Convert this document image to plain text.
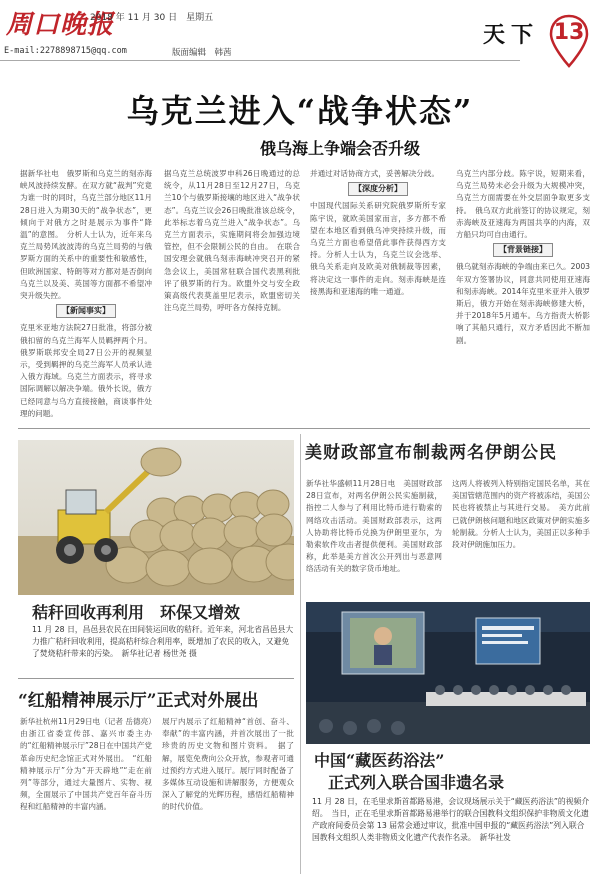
周口晚报
2018 年 11 月 30 日　星期五
E-mail:2278898715@qq.com	版面编辑　韩茜
天下 13
乌克兰进入“战争状态”
俄乌海上争端会否升级
据新华社电　俄罗斯和乌克兰的刻赤海峡风波持续发酵。在双方就“裁判”究竟为谁一时的同时，乌克兰部分地区11月28日进入为期30天的“战争状态”，更倾向于对俄方之时是展示为事件“降温”的意图。　分析人士认为，近年来乌克兰局势风波波涛的乌克兰局势的与俄罗斯方面的关系中的重要性和敏感性，但欧洲国家、特朗等对方都对是否倒向乌克兰以及美、英国等方面都不希望冲突升级失控。
【新闻事实】
克里米亚地方法院27日批准，将部分被俄扣留的乌克兰海军人员羁押两个月。俄罗斯联邦安全局27日公开的视频显示，受到羁押的乌克兰海军人员承认进入俄方海域。乌克兰方面表示，将寻求国际调解以解决争端。俄外长说，俄方已经同意与乌方直接接触，商谈事件处理的问题。
据乌克兰总统波罗申科26日晚通过的总统令，从11月28日至12月27日，乌克兰10个与俄罗斯接壤的地区进入“战争状态”。乌克兰议会26日晚批准该总统令，此举标志着乌克兰进入“战争状态”。乌克兰方面表示，实施期间将会加强边境管控，但不会限制公民的自由。　在联合国安理会就俄乌刻赤海峡冲突召开的紧急会议上，美国常驻联合国代表黑利批评了俄罗斯的行为。欧盟外交与安全政策高级代表莫盖里尼表示，欧盟密切关注乌克兰局势，呼吁各方保持克制。
并通过对话协商方式，妥善解决分歧。
【深度分析】
中国现代国际关系研究院俄罗斯所专家陈宇说，就欧美国家而言，多方都不希望在本地区看到俄乌冲突持续升级，而乌克兰方面也希望借此事件获得西方支持。分析人士认为，乌克兰议会选举、俄乌关系走向及欧美对俄制裁等因素，将决定这一事件的走向。刻赤海峡是连接黑海和亚速海的唯一通道。
乌克兰内部分歧。陈宇说，短期来看，乌克兰局势未必会升级为大规模冲突，乌克兰方面需要在外交层面争取更多支持。　俄乌双方此前签订的协议规定，刻赤海峡及亚速海为两国共享的内海，双方船只均可自由通行。
【背景链接】
俄乌就刻赤海峡的争端由来已久。2003年双方签署协议，同意共同使用亚速海和刻赤海峡。2014年克里米亚并入俄罗斯后，俄方开始在刻赤海峡修建大桥，并于2018年5月通车。乌方指责大桥影响了其船只通行，双方矛盾因此不断加剧。
秸秆回收再利用　环保又增效
11 月 28 日，昌邑县农民在田间装运回收的秸秆。近年来，河北省昌邑县大力推广秸秆回收利用，提高秸秆综合利用率，既增加了农民的收入，又避免了焚烧秸秆带来的污染。　新华社记者 杨世尧 摄
美财政部宣布制裁两名伊朗公民
新华社华盛顿11月28日电　美国财政部28日宣布，对两名伊朗公民实施制裁，指控二人参与了利用比特币进行勒索的网络攻击活动。美国财政部表示，这两人协助将比特币兑换为伊朗里亚尔，为勒索软件攻击者提供便利。美国财政部称，此举是美方首次公开列出与恶意网络活动有关的数字货币地址。
这两人将被列入特别指定国民名单，其在美国管辖范围内的资产将被冻结，美国公民也将被禁止与其进行交易。　美方此前已就伊朗核问题和地区政策对伊朗实施多轮制裁。分析人士认为，美国正以多种手段对伊朗施加压力。
“红船精神展示厅”正式对外展出
新华社杭州11月29日电（记者 岳德亮）由浙江省委宣传部、嘉兴市委主办的“红船精神展示厅”28日在中国共产党革命历史纪念馆正式对外展出。　“红船精神展示厅”分为“开天辟地”“走在前列”等部分，通过大量图片、实物、视频，全面展示了中国共产党百年奋斗历程和红船精神的丰富内涵。
展厅内展示了红船精神“首创、奋斗、奉献”的丰富内涵，并首次展出了一批珍贵的历史文物和图片资料。　据了解，展览免费向公众开放，参观者可通过预约方式进入展厅。展厅同时配备了多媒体互动设施和讲解服务，方便观众深入了解党的光辉历程，感悟红船精神的时代价值。
中国“藏医药浴法”
正式列入联合国非遗名录
11 月 28 日，在毛里求斯首都路易港，会议现场展示关于“藏医药浴法”的视频介绍。　当日，正在毛里求斯首都路易港举行的联合国教科文组织保护非物质文化遗产政府间委员会第 13 届常会通过审议，批准中国申报的“藏医药浴法”列入联合国教科文组织人类非物质文化遗产代表作名录。　新华社发
